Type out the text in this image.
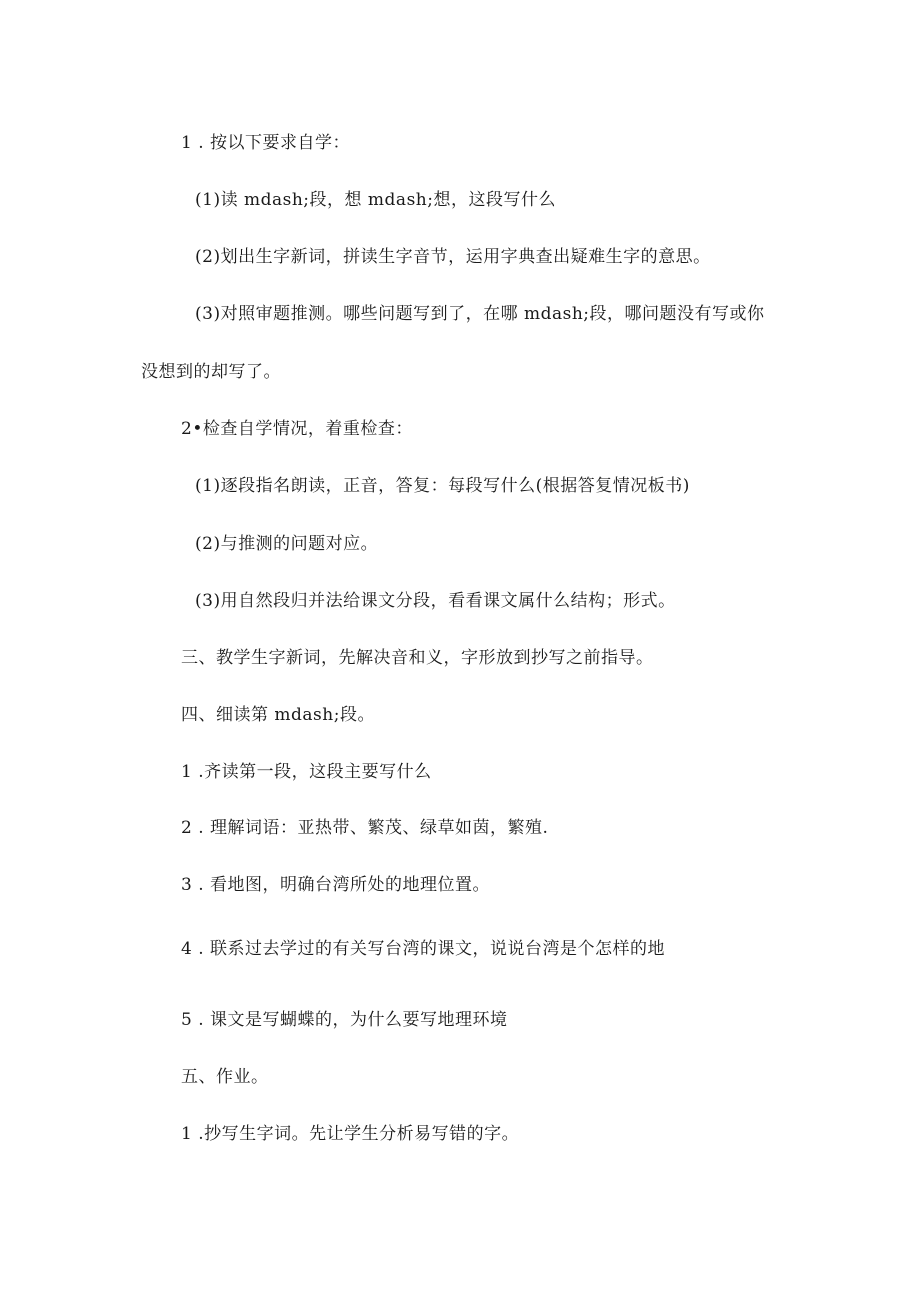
1 . 按以下要求自学：
(1)读 mdash;段，想 mdash;想，这段写什么
(2)划出生字新词，拼读生字音节，运用字典查出疑难生字的意思。
(3)对照审题推测。哪些问题写到了，在哪 mdash;段，哪问题没有写或你
没想到的却写了。
2•检查自学情况，着重检查：
(1)逐段指名朗读，正音，答复：每段写什么(根据答复情况板书)
(2)与推测的问题对应。
(3)用自然段归并法给课文分段，看看课文属什么结构；形式。
三、教学生字新词，先解决音和义，字形放到抄写之前指导。
四、细读第 mdash;段。
1 .齐读第一段，这段主要写什么
2 . 理解词语：亚热带、繁茂、绿草如茵，繁殖.
3 . 看地图，明确台湾所处的地理位置。
4 . 联系过去学过的有关写台湾的课文，说说台湾是个怎样的地
5 . 课文是写蝴蝶的，为什么要写地理环境
五、作业。
1 .抄写生字词。先让学生分析易写错的字。
